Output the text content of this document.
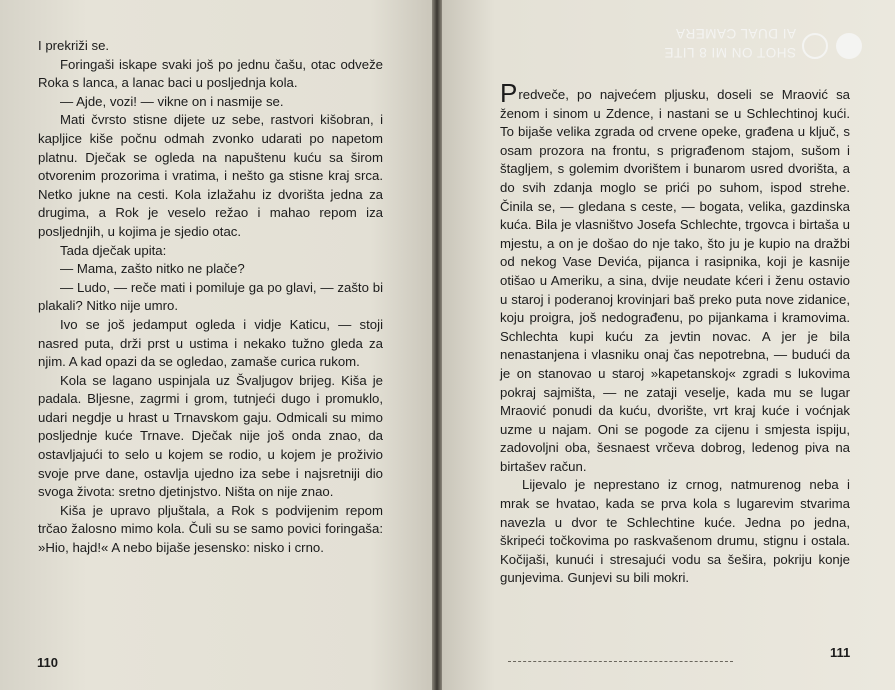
I prekriži se.

Foringaši iskape svaki još po jednu čašu, otac odveže Roka s lanca, a lanac baci u posljednja kola.

— Ajde, vozi! — vikne on i nasmije se.

Mati čvrsto stisne dijete uz sebe, rastvori kišobran, i kapljice kiše počnu odmah zvonko udarati po napetom platnu. Dječak se ogleda na napuštenu kuću sa širom otvorenim prozorima i vratima, i nešto ga stisne kraj srca. Netko jukne na cesti. Kola izlažahu iz dvorišta jedna za drugima, a Rok je veselo režao i mahao repom iza posljednjih, u kojima je sjedio otac.

Tada dječak upita:

— Mama, zašto nitko ne plače?

— Ludo, — reče mati i pomiluje ga po glavi, — zašto bi plakali? Nitko nije umro.

Ivo se još jedamput ogleda i vidje Katicu, — stoji nasred puta, drži prst u ustima i nekako tužno gleda za njim. A kad opazi da se ogledao, zamaše curica rukom.

Kola se lagano uspinjala uz Švaljugov brijeg. Kiša je padala. Bljesne, zagrmi i grom, tutnjeći dugo i promuklo, udari negdje u hrast u Trnavskom gaju. Odmicali su mimo posljednje kuće Trnave. Dječak nije još onda znao, da ostavljajući to selo u kojem se rodio, u kojem je proživio svoje prve dane, ostavlja ujedno iza sebe i najsretniji dio svoga života: sretno djetinjstvo. Ništa on nije znao.

Kiša je upravo pljuštala, a Rok s podvijenim repom trčao žalosno mimo kola. Čuli su se samo povici foringaša: »Hio, hajd!« A nebo bijaše jesensko: nisko i crno.

110

Predveče, po najvećem pljusku, doseli se Mraović sa ženom i sinom u Zdence, i nastani se u Schlechtinoj kući. To bijaše velika zgrada od crvene opeke, građena u ključ, s osam prozora na frontu, s prigrađenom stajom, sušom i štagljem, s golemim dvorištem i bunarom usred dvorišta, a do svih zdanja moglo se prići po suhom, ispod strehe. Činila se, — gledana s ceste, — bogata, velika, gazdinska kuća. Bila je vlasništvo Josefa Schlechte, trgovca i birtaša u mjestu, a on je došao do nje tako, što ju je kupio na dražbi od nekog Vase Devića, pijanca i rasipnika, koji je kasnije otišao u Ameriku, a sina, dvije neudate kćeri i ženu ostavio u staroj i poderanoj krovinjari baš preko puta nove zidanice, koju proigra, još nedograđenu, po pijankama i kramovima. Schlechta kupi kuću za jevtin novac. A jer je bila nenastanjena i vlasniku onaj čas nepotrebna, — budući da je on stanovao u staroj »kapetanskoj« zgradi s lukovima pokraj sajmišta, — ne zataji veselje, kada mu se lugar Mraović ponudi da kuću, dvorište, vrt kraj kuće i voćnjak uzme u najam. Oni se pogode za cijenu i smjesta ispiju, zadovoljni oba, šesnaest vrčeva dobrog, ledenog piva na birtašev račun.

Lijevalo je neprestano iz crnog, natmurenog neba i mrak se hvatao, kada se prva kola s lugarevim stvarima navezla u dvor te Schlechtine kuće. Jedna po jedna, škripeći točkovima po raskvašenom drumu, stignu i ostala. Kočijaši, kunući i stresajući vodu sa šešira, pokriju konje gunjevima. Gunjevi su bili mokri.

111
SHOT ON MI 8 LITE
AI DUAL CAMERA
